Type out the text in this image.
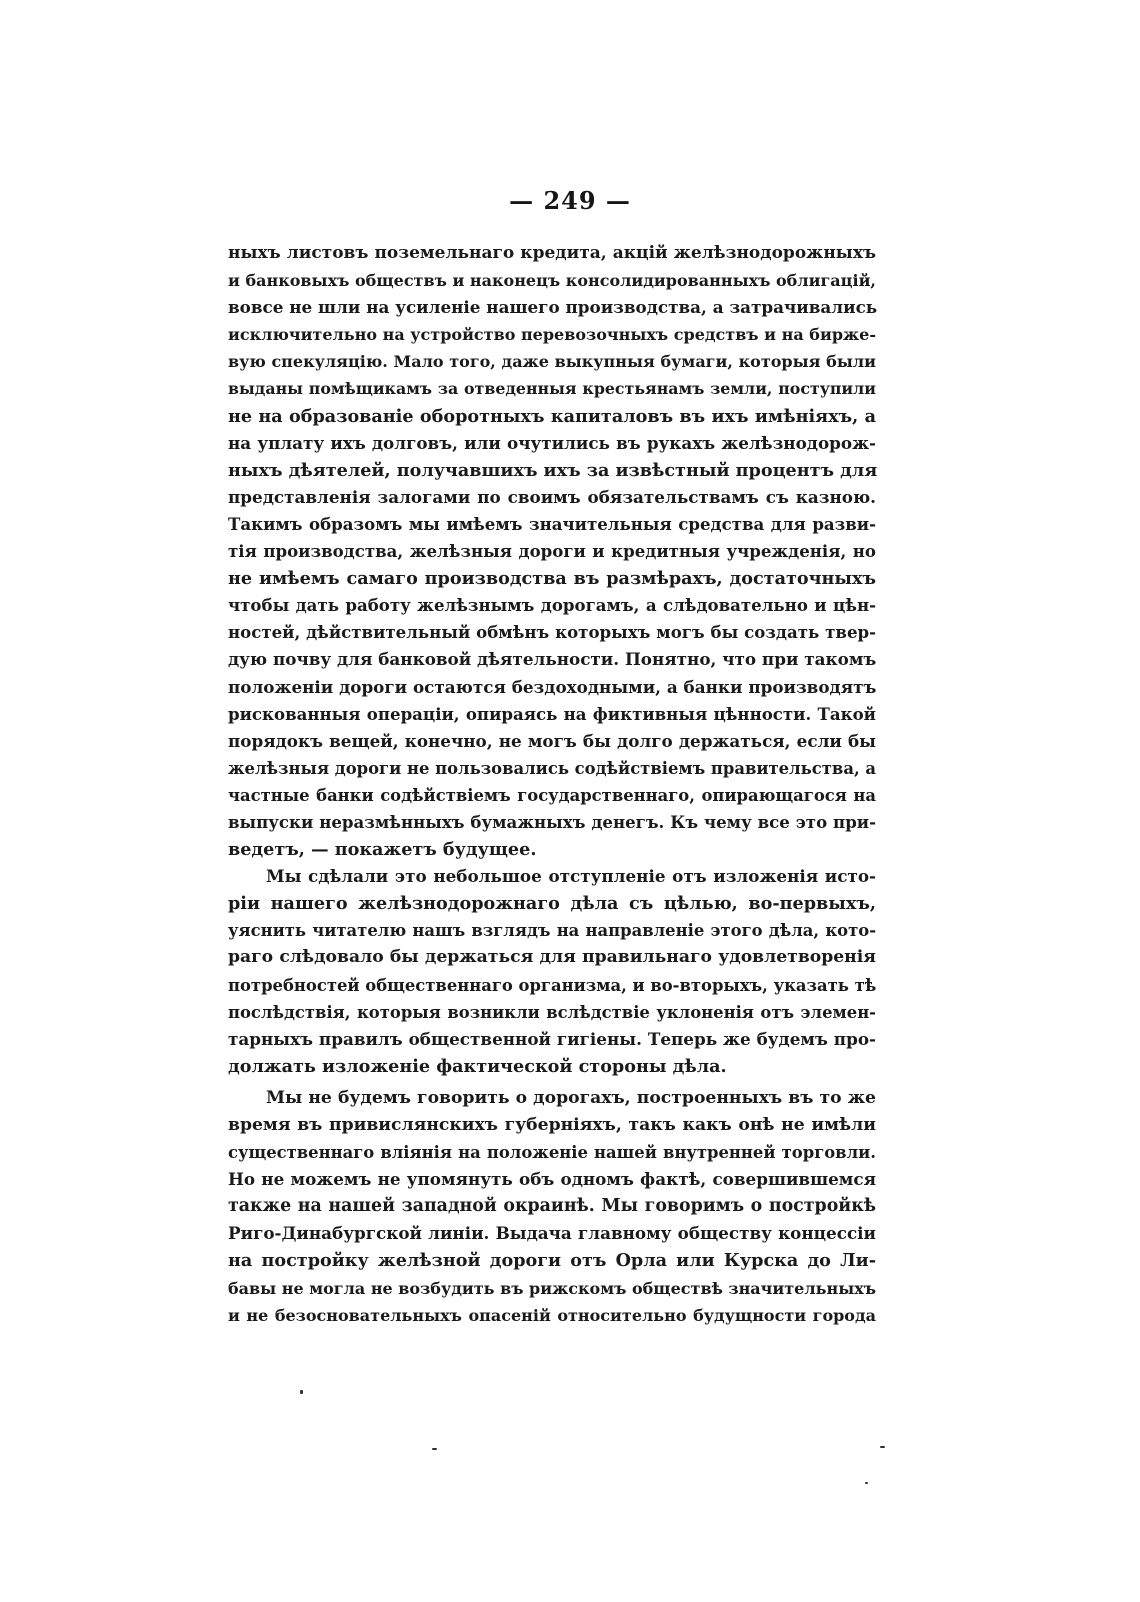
— 249 —
ныхъ листовъ поземельнаго кредита, акцій желѣзнодорожныхъ
и банковыхъ обществъ и наконецъ консолидированныхъ облигацій,
вовсе не шли на усиленіе нашего производства, а затрачивались
исключительно на устройство перевозочныхъ средствъ и на бирже-
вую спекуляцію. Мало того, даже выкупныя бумаги, которыя были
выданы помѣщикамъ за отведенныя крестьянамъ земли, поступили
не на образованіе оборотныхъ капиталовъ въ ихъ имѣніяхъ, а
на уплату ихъ долговъ, или очутились въ рукахъ желѣзнодорож-
ныхъ дѣятелей, получавшихъ ихъ за извѣстный процентъ для
представленія залогами по своимъ обязательствамъ съ казною.
Такимъ образомъ мы имѣемъ значительныя средства для разви-
тія производства, желѣзныя дороги и кредитныя учрежденія, но
не имѣемъ самаго производства въ размѣрахъ, достаточныхъ
чтобы дать работу желѣзнымъ дорогамъ, а слѣдовательно и цѣн-
ностей, дѣйствительный обмѣнъ которыхъ могъ бы создать твер-
дую почву для банковой дѣятельности. Понятно, что при такомъ
положеніи дороги остаются бездоходными, а банки производятъ
рискованныя операціи, опираясь на фиктивныя цѣнности. Такой
порядокъ вещей, конечно, не могъ бы долго держаться, если бы
желѣзныя дороги не пользовались содѣйствіемъ правительства, а
частные банки содѣйствіемъ государственнаго, опирающагося на
выпуски неразмѣнныхъ бумажныхъ денегъ. Къ чему все это при-
ведетъ, — покажетъ будущее.
Мы сдѣлали это небольшое отступленіе отъ изложенія исто-
ріи нашего желѣзнодорожнаго дѣла съ цѣлью, во-первыхъ,
уяснить читателю нашъ взглядъ на направленіе этого дѣла, кото-
раго слѣдовало бы держаться для правильнаго удовлетворенія
потребностей общественнаго организма, и во-вторыхъ, указать тѣ
послѣдствія, которыя возникли вслѣдствіе уклоненія отъ элемен-
тарныхъ правилъ общественной гигіены. Теперь же будемъ про-
должать изложеніе фактической стороны дѣла.
Мы не будемъ говорить о дорогахъ, построенныхъ въ то же
время въ привислянскихъ губерніяхъ, такъ какъ онѣ не имѣли
существеннаго вліянія на положеніе нашей внутренней торговли.
Но не можемъ не упомянуть объ одномъ фактѣ, совершившемся
также на нашей западной окраинѣ. Мы говоримъ о постройкѣ
Риго-Динабургской линіи. Выдача главному обществу концессіи
на постройку желѣзной дороги отъ Орла или Курска до Ли-
бавы не могла не возбудить въ рижскомъ обществѣ значительныхъ
и не безосновательныхъ опасеній относительно будущности города
